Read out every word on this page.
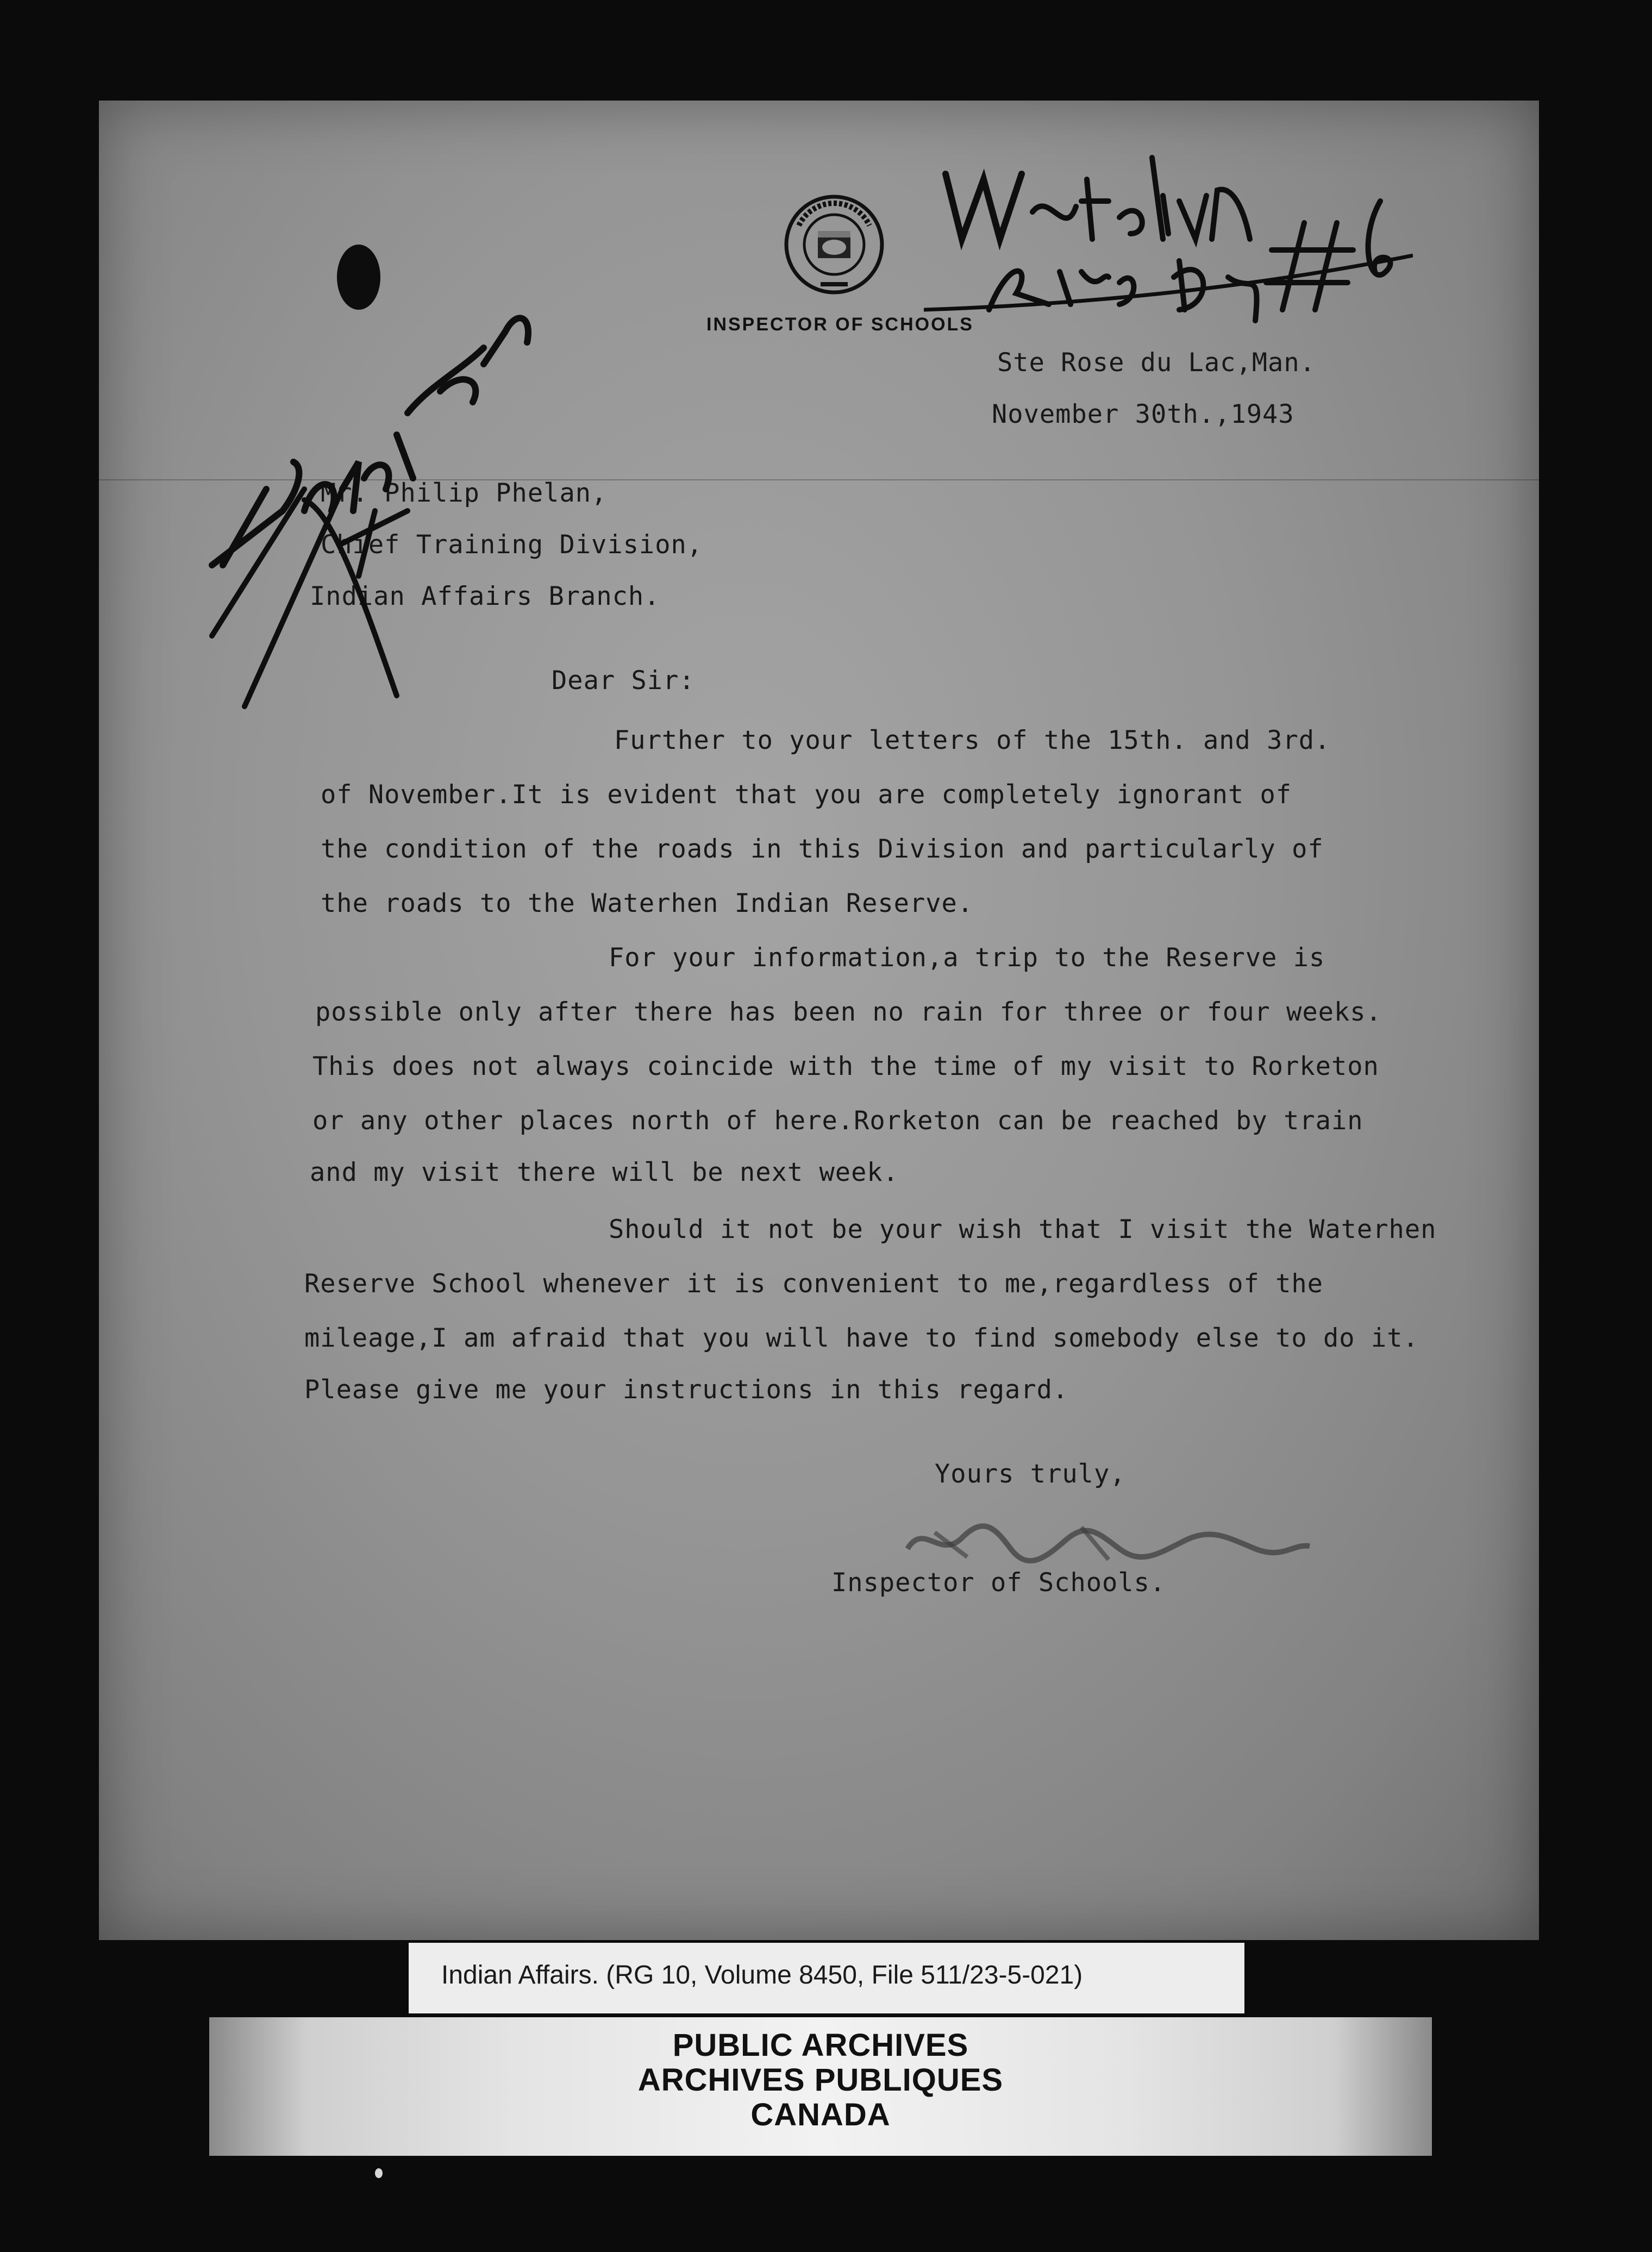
INSPECTOR OF SCHOOLS
Ste Rose du Lac,Man.
November 30th.,1943
Mr. Philip Phelan,
Chief Training Division,
Indian Affairs Branch.
Dear Sir:
Further to your letters of the 15th. and 3rd.
of November.It is evident that you are completely ignorant of
the condition of the roads in this Division and particularly of
the roads to the Waterhen Indian Reserve.
For your information,a trip to the Reserve is
possible only after there has been no rain for three or four weeks.
This does not always coincide with the time of my visit to Rorketon
or any other places north of here.Rorketon can be reached by train
and my visit there will be next week.
Should it not be your wish that I visit the Waterhen
Reserve School whenever it is convenient to me,regardless of the
mileage,I am afraid that you will have to find somebody else to do it.
Please give me your instructions in this regard.
Yours truly,
Inspector of Schools.
Indian Affairs. (RG 10, Volume 8450, File 511/23-5-021)
PUBLIC ARCHIVES
ARCHIVES PUBLIQUES
CANADA
